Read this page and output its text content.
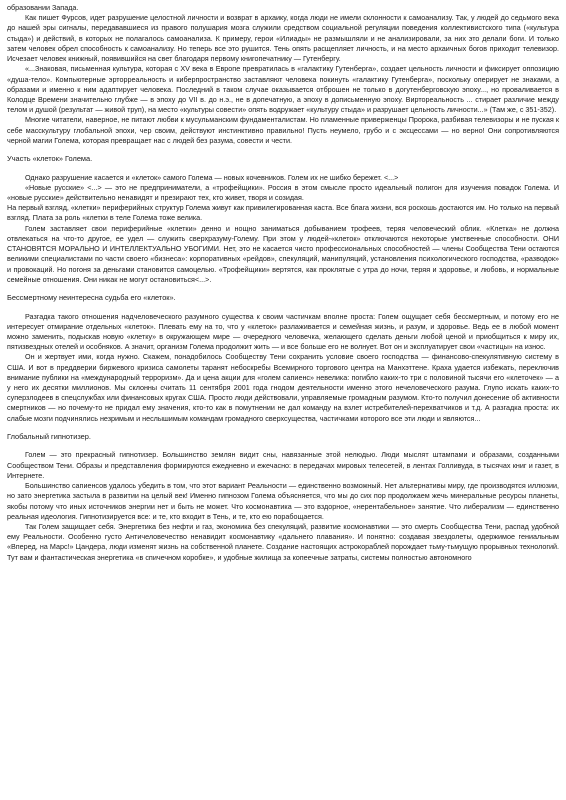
образовании Запада.

Как пишет Фурсов, идет разрушение целостной личности и возврат в архаику, когда люди не имели склонности к самоанализу. Так, у людей до седьмого века до нашей эры сигналы, передававшиеся из правого полушария мозга служили средством социальной регуляции поведения коллективистского типа («культура стыда») и действий, в которых не полагалось самоанализа. К примеру, герои «Илиады» не размышляли и не анализировали, за них это делали боги. И только затем человек обрел способность к самоанализу. Но теперь все это рушится. Тень опять расщепляет личность, и на место архаичных богов приходит телевизор. Исчезает человек книжный, появившийся на свет благодаря первому книгопечатнику — Гутенбергу.

«...Знаковая, письменная культура, которая с XV века в Европе превратилась в «галактику Гутенберга», создает цельность личности и фиксирует оппозицию «душа-тело». Компьютерные эрторреальность и киберпространство заставляют человека покинуть «галактику Гутенберга», поскольку оперирует не знаками, а образами и именно к ним адаптирует человека. Последний в таком случае оказывается отброшен не только в догутенберговскую эпоху..., но проваливается в Колодце Времени значительно глубже — в эпоху до VII в. до н.э., не в допечатную, а эпоху в дописьменную эпоху. Виртореальность ... стирает различие между телом и душой (результат — живой труп), на место «культуры совести» опять водружает «культуру стыда» и разрушает цельность личности...» (Там же, с 351-352).

Многие читатели, наверное, не питают любви к мусульманским фундаменталистам. Но пламенные приверженцы Пророка, разбивая телевизоры и не пуская к себе масскультуру глобальной эпохи, чер своим, действуют инстинктивно правильно! Пусть неумело, грубо и с эксцессами — но верно! Они сопротивляются черной магии Голема, которая превращает нас с людей без разума, совести и чести.

Участь «клеток» Голема.

Однако разрушение касается и «клеток» самого Голема — новых кочевников. Голем их не шибко бережет. <...>

«Новые русские» <...> — это не предприниматели, а «трофейщики». Россия в этом смысле просто идеальный полигон для изучения повадок Голема. И «новые русские» действительно ненавидят и презирают тех, кто живет, творя и созидая.

На первый взгляд, «клетки» периферийных структур Голема живут как привилегированная каста. Все блага жизни, вся роскошь достаются им. Но только на первый взгляд. Плата за роль «клетки в теле Голема тоже велика.

Голем заставляет свои периферийные «клетки» денно и нощно заниматься добыванием трофеев, теряя человеческий облик. «Клетка» не должна отвлекаться на что-то другое, ее удел — служить сверхразуму-Голему. При этом у людей-«клеток» отключаются некоторые умственные способности. ОНИ СТАНОВЯТСЯ МОРАЛЬНО И ИНТЕЛЛЕКТУАЛЬНО УБОГИМИ. Нет, это не касается чисто профессиональных способностей — члены Сообщества Тени остаются великими специалистами по части своего «бизнеса»: корпоративных «рейдов», спекуляций, манипуляций, установления психологического господства, «разводок» и провокаций. Но погоня за деньгами становится самоцелью. «Трофейщики» вертятся, как проклятые с утра до ночи, теряя и здоровье, и любовь, и нормальные семейные отношения. Они никак не могут остановиться<...>.

Бессмертному неинтересна судьба его «клеток».

Разгадка такого отношения надчеловеческого разумного существа к своим частичкам вполне проста: Голем ощущает себя бессмертным, и потому его не интересует отмирание отдельных «клеток». Плевать ему на то, что у «клеток» разлаживается и семейная жизнь, и разум, и здоровье. Ведь ее в любой момент можно заменить, подыскав новую «клетку» в окружающем мире — очередного человечка, желающего сделать деньги любой ценой и приобщиться к миру их, пятизвездных отелей и особняков. А значит, организм Голема продолжит жить — и все больше его не волнует. Вот он и эксплуатирует свои «частицы» на износ.

Он и жертвует ими, когда нужно. Скажем, понадобилось Сообществу Тени сохранить условие своего господства — финансово-спекулятивную систему в США. И вот в преддверии биржевого кризиса самолеты таранят небоскребы Всемирного торгового центра на Манхэттене. Краха удается избежать, переключив внимание публики на «международный терроризм». Да и цена акции для «голем сапиенс» невелика: погибло каких-то три с половиной тысячи его «клеточек» — а у него их десятки миллионов. Мы склонны считать 11 сентября 2001 года гнодом деятельности именно этого нечеловеческого разума. Глупо искать каких-то суперзлодеев в спецслужбах или финансовых кругах США. Просто люди действовали, управляемые громадным разумом. Кто-то получил донесение об активности смертников — но почему-то не придал ему значения, кто-то как в помутнении не дал команду на взлет истребителей-перехватчиков и т.д. А разгадка проста: их слабые мозги подчинялись незримым и неслышимым командам громадного сверхсущества, частичками которого все эти люди и являются...

Глобальный гипнотизер.

Голем — это прекрасный гипнотизер. Большинство землян видит сны, навязанные этой нелюдью. Люди мыслят штампами и образами, созданными Сообществом Тени. Образы и представления формируются ежедневно и ежечасно: в передачах мировых телесетей, в лентах Голливуда, в тысячах книг и газет, в Интернете.

Большинство сапиенсов удалось убедить в том, что этот вариант Реальности — единственно возможный. Нет альтернативы миру, где производятся иллюзии, но зато энергетика застыла в развитии на целый век! Именно гипнозом Голема объясняется, что мы до сих пор продолжаем жечь минеральные ресурсы планеты, якобы потому что иных источников энергии нет и быть не может. Что космонавтика — это вздорное, «нерентабельное» занятие. Что либерализм — единственно реальная идеология. Гипнотизируется все: и те, кто входит в Тень, и те, кто ею порабощается.

Так Голем защищает себя. Энергетика без нефти и газ, экономика без спекуляций, развитие космонавтики — это смерть Сообщества Тени, распад удобной ему Реальности. Особенно густо Античеловечество ненавидит космонавтику «дальнего плавания». И понятно: создавая звездолеты, одержимое гениальным «Вперед, на Марс!» Цандера, люди изменят жизнь на собственной планете. Создание настоящих астрокораблей порождает тьму-тьмущую прорывных технологий. Тут вам и фантастическая энергетика «в спичечном коробке», и удобные жилища за копеечные затраты, системы полностью автономного
